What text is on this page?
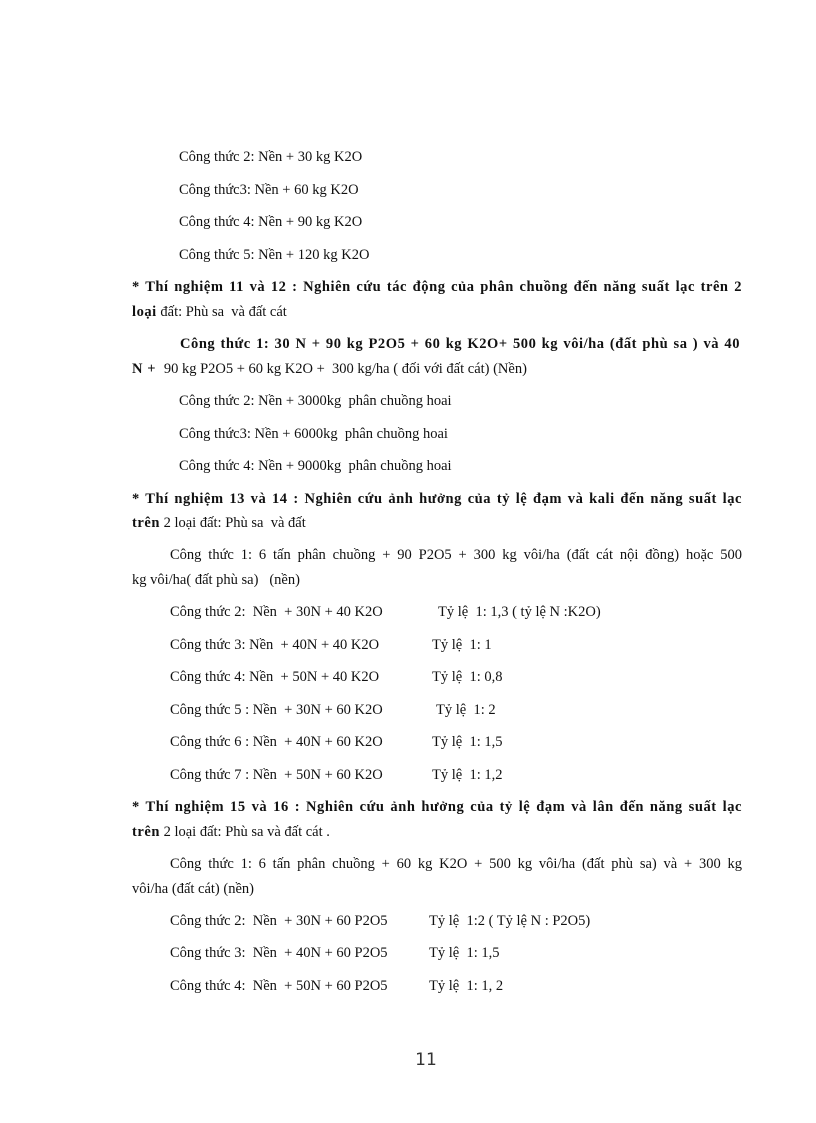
Công thức 2: Nền + 30 kg K2O

Công thức3: Nền + 60 kg K2O

Công thức 4: Nền + 90 kg K2O

Công thức 5: Nền + 120 kg K2O

* Thí nghiệm 11 và 12 : Nghiên cứu tác động của phân chuồng đến năng suất lạc trên 2

loại đất: Phù sa  và đất cát

Công thức 1: 30 N + 90 kg P2O5 + 60 kg K2O+ 500 kg vôi/ha (đất phù sa ) và 40

N +  90 kg P2O5 + 60 kg K2O +  300 kg/ha ( đối với đất cát) (Nền)

Công thức 2: Nền + 3000kg  phân chuồng hoai

Công thức3: Nền + 6000kg  phân chuồng hoai

Công thức 4: Nền + 9000kg  phân chuồng hoai

* Thí nghiệm 13 và 14 : Nghiên cứu ảnh hưởng của tỷ lệ đạm và kali đến năng suất lạc

trên 2 loại đất: Phù sa  và đất

Công thức 1: 6 tấn phân chuồng + 90 P2O5 + 300 kg vôi/ha (đất cát nội đồng) hoặc 500

kg vôi/ha( đất phù sa)   (nền)

Công thức 2:  Nền  + 30N + 40 K2O	Tỷ lệ  1: 1,3 ( tỷ lệ N :K2O)

Công thức 3: Nền  + 40N + 40 K2O	Tỷ lệ  1: 1

Công thức 4: Nền  + 50N + 40 K2O	Tỷ lệ  1: 0,8

Công thức 5 : Nền  + 30N + 60 K2O	Tỷ lệ  1: 2

Công thức 6 : Nền  + 40N + 60 K2O	Tỷ lệ  1: 1,5

Công thức 7 : Nền  + 50N + 60 K2O	Tỷ lệ  1: 1,2

* Thí nghiệm 15 và 16 : Nghiên cứu ảnh hưởng của tỷ lệ đạm và lân đến năng suất lạc

trên 2 loại đất: Phù sa và đất cát .

Công thức 1: 6 tấn phân chuồng + 60 kg K2O + 500 kg vôi/ha (đất phù sa) và + 300 kg

vôi/ha (đất cát) (nền)

Công thức 2:  Nền  + 30N + 60 P2O5	Tỷ lệ  1:2 ( Tỷ lệ N : P2O5)

Công thức 3:  Nền  + 40N + 60 P2O5	Tỷ lệ  1: 1,5

Công thức 4:  Nền  + 50N + 60 P2O5	Tỷ lệ  1: 1, 2

11
